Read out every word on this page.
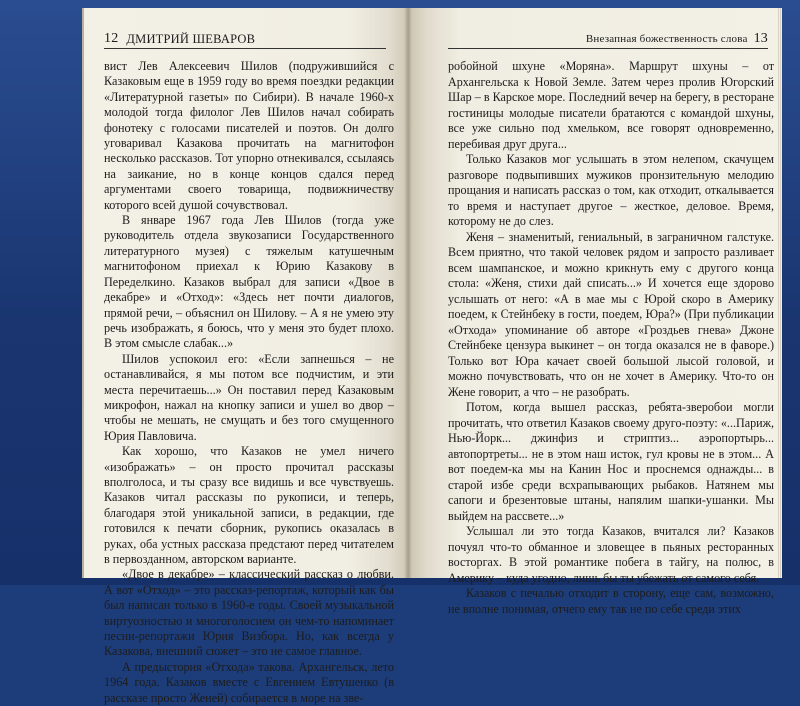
12 ДМИТРИЙ ШЕВАРОВ

вист Лев Алексеевич Шилов (подружившийся с Казаковым еще в 1959 году во время поездки редакции «Литературной газеты» по Сибири). В начале 1960-х молодой тогда филолог Лев Шилов начал собирать фонотеку с голосами писателей и поэтов. Он долго уговаривал Казакова прочитать на магнитофон несколько рассказов. Тот упорно отнекивался, ссылаясь на заикание, но в конце концов сдался перед аргументами своего товарища, подвижничеству которого всей душой сочувствовал.

В январе 1967 года Лев Шилов (тогда уже руководитель отдела звукозаписи Государственного литературного музея) с тяжелым катушечным магнитофоном приехал к Юрию Казакову в Переделкино. Казаков выбрал для записи «Двое в декабре» и «Отход»: «Здесь нет почти диалогов, прямой речи, – объяснил он Шилову. – А я не умею эту речь изображать, я боюсь, что у меня это будет плохо. В этом смысле слабак...»

Шилов успокоил его: «Если запнешься – не останавливайся, я мы потом все подчистим, и эти места перечитаешь...» Он поставил перед Казаковым микрофон, нажал на кнопку записи и ушел во двор – чтобы не мешать, не смущать и без того смущенного Юрия Павловича.

Как хорошо, что Казаков не умел ничего «изображать» – он просто прочитал рассказы вполголоса, и ты сразу все видишь и все чувствуешь. Казаков читал рассказы по рукописи, и теперь, благодаря этой уникальной записи, в редакции, где готовился к печати сборник, рукопись оказалась в руках, оба устных рассказа предстают перед читателем в первозданном, авторском варианте.

«Двое в декабре» – классический рассказ о любви. А вот «Отход» – это рассказ-репортаж, который как бы был написан только в 1960-е годы. Своей музыкальной виртуозностью и многоголосием он чем-то напоминает песни-репортажи Юрия Визбора. Но, как всегда у Казакова, внешний сюжет – это не самое главное.

А предыстория «Отхода» такова. Архангельск, лето 1964 года. Казаков вместе с Евгением Евтушенко (в рассказе просто Женей) собирается в море на зве-

Внезапная божественность слова 13

робойной шхуне «Моряна». Маршрут шхуны – от Архангельска к Новой Земле. Затем через пролив Югорский Шар – в Карское море. Последний вечер на берегу, в ресторане гостиницы молодые писатели братаются с командой шхуны, все уже сильно под хмельком, все говорят одновременно, перебивая друг друга...

Только Казаков мог услышать в этом нелепом, скачущем разговоре подвыпивших мужиков пронзительную мелодию прощания и написать рассказ о том, как отходит, откалывается то время и наступает другое – жесткое, деловое. Время, которому не до слез.

Женя – знаменитый, гениальный, в заграничном галстуке. Всем приятно, что такой человек рядом и запросто разливает всем шампанское, и можно крикнуть ему с другого конца стола: «Женя, стихи дай списать...» И хочется еще здорово услышать от него: «А в мае мы с Юрой скоро в Америку поедем, к Стейнбеку в гости, поедем, Юра?» (При публикации «Отхода» упоминание об авторе «Гроздьев гнева» Джоне Стейнбеке цензура выкинет – он тогда оказался не в фаворе.) Только вот Юра качает своей большой лысой головой, и можно почувствовать, что он не хочет в Америку. Что-то он Жене говорит, а что – не разобрать.

Потом, когда вышел рассказ, ребята-зверобои могли прочитать, что ответил Казаков своему друго-поэту: «...Париж, Нью-Йорк... джинфиз и стриптиз... аэропортырь... автопортреты... не в этом наш исток, гул кровы не в этом... А вот поедем-ка мы на Канин Нос и проснемся однажды... в старой избе среди всхрапывающих рыбаков. Натянем мы сапоги и брезентовые штаны, напялим шапки-ушанки. Мы выйдем на рассвете...»

Услышал ли это тогда Казаков, вчитался ли? Казаков почуял что-то обманное и зловещее в пьяных ресторанных восторгах. В этой романтике побега в тайгу, на полюс, в Америку – куда угодно, лишь бы ты убежать от самого себя.

Казаков с печалью отходит в сторону, еще сам, возможно, не вполне понимая, отчего ему так не по себе среди этих
